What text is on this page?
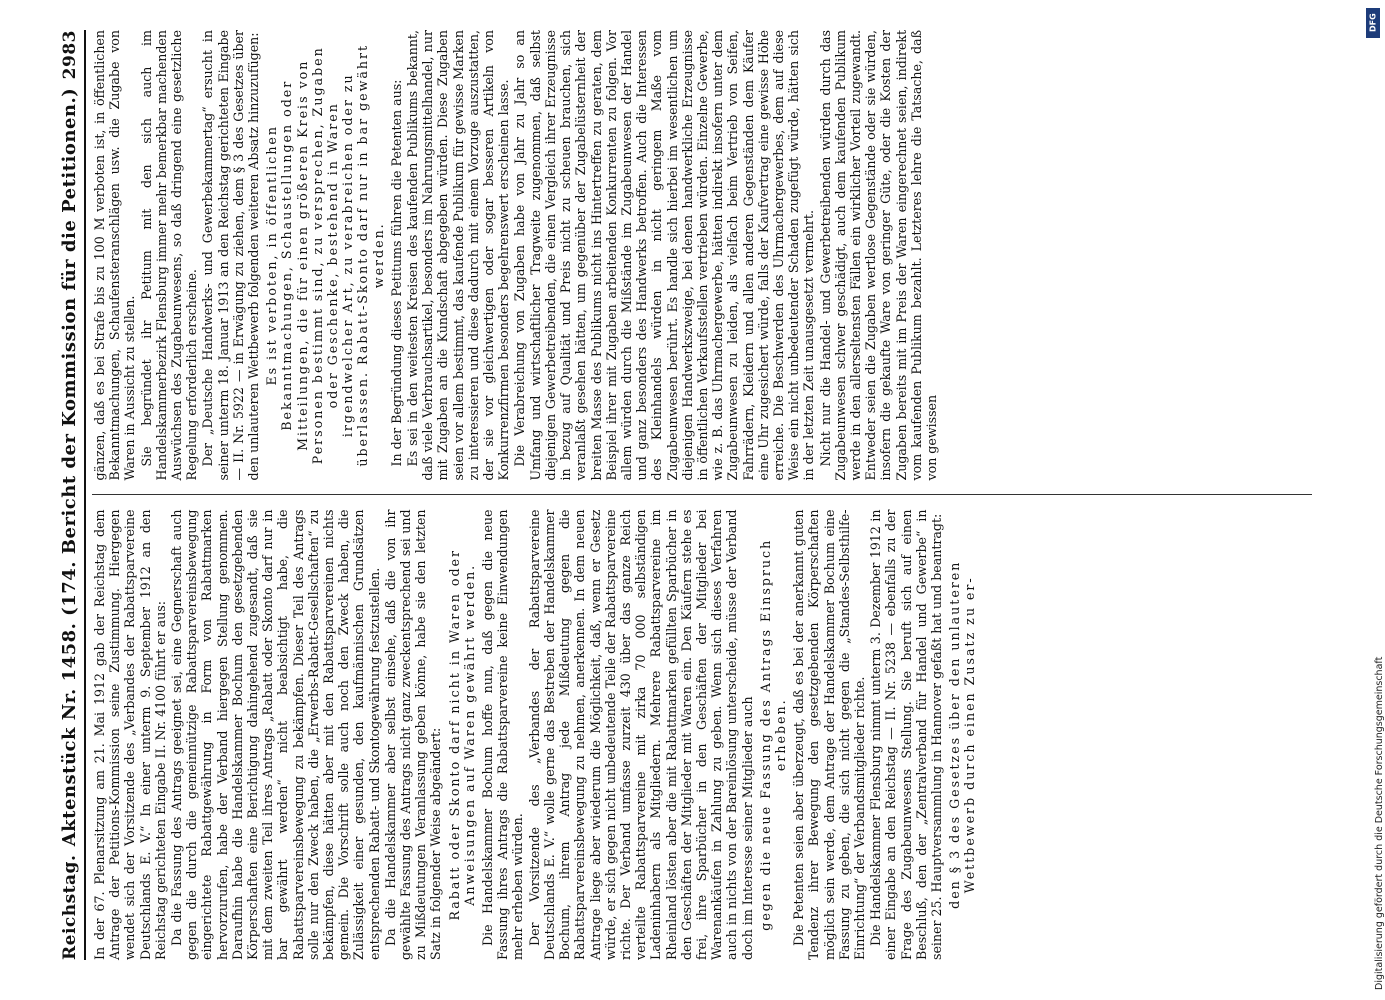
Reichstag.
Aktenstück Nr. 1458. (174. Bericht der Kommission für die Petitionen.)
2983

In der 67. Plenarsitzung am 21. Mai 1912 gab der Reichstag dem Antrage der Petitions-Kommission seine Zustimmung. Hiergegen wendet sich der Vorsitzende des „Verbandes der Rabattsparvereine Deutschlands E. V.“ In einer unterm 9. September 1912 an den Reichstag gerichteten Eingabe II. Nr. 4100 führt er aus: Da die Fassung des Antrags geeignet sei, eine Gegnerschaft auch gegen die durch die gemeinnützige Rabattsparvereinsbewegung eingerichtete Rabattgewährung in Form von Rabattmarken hervorzurufen, habe der Verband hiergegen Stellung genommen. Daraufhin habe die Handelskammer Bochum den gesetzgebenden Körperschaften eine Berichtigung dahingehend zugesandt, daß sie mit dem zweiten Teil ihres Antrags „Rabatt oder Skonto darf nur in bar gewährt werden“ nicht beabsichtigt habe, die Rabattsparvereinsbewegung zu bekämpfen. Dieser Teil des Antrags solle nur den Zweck haben, die „Erwerbs-Rabatt-Gesellschaften“ zu bekämpfen, diese hätten aber mit den Rabattsparvereinen nichts gemein. Die Vorschrift solle auch noch den Zweck haben, die Zulässigkeit einer gesunden, den kaufmännischen Grundsätzen entsprechenden Rabatt- und Skontogewährung festzustellen. Da die Handelskammer aber selbst einsehe, daß die von ihr gewählte Fassung des Antrags nicht ganz zweckentsprechend sei und zu Mißdeutungen Veranlassung geben könne, habe sie den letzten Satz in folgender Weise abgeändert: Rabatt oder Skonto darf nicht in Waren oder Anweisungen auf Waren gewährt werden. Die Handelskammer Bochum hoffe nun, daß gegen die neue Fassung ihres Antrags die Rabattsparvereine keine Einwendungen mehr erheben würden. Der Vorsitzende des „Verbandes der Rabattsparvereine Deutschlands E. V.“ wolle gerne das Bestreben der Handelskammer Bochum, ihrem Antrag jede Mißdeutung gegen die Rabattsparvereinsbewegung zu nehmen, anerkennen. In dem neuen Antrage liege aber wiederum die Möglichkeit, daß, wenn er Gesetz würde, er sich gegen nicht unbedeutende Teile der Rabattsparvereine richte. Der Verband umfasse zurzeit 430 über das ganze Reich verteilte Rabattsparvereine mit zirka 70 000 selbständigen Ladeninhabern als Mitgliedern. Mehrere Rabattsparvereine im Rheinland lösten aber die mit Rabattmarken gefüllten Sparbücher in den Geschäften der Mitglieder mit Waren ein. Den Käufern stehe es frei, ihre Sparbücher in den Geschäften der Mitglieder bei Warenankäufen in Zahlung zu geben. Wenn sich dieses Verfahren auch in nichts von der Bareinlösung unterscheide, müsse der Verband doch im Interesse seiner Mitglieder auch gegen die neue Fassung des Antrags Einspruch erheben. Die Petenten seien aber überzeugt, daß es bei der anerkannt guten Tendenz ihrer Bewegung den gesetzgebenden Körperschaften möglich sein werde, dem Antrage der Handelskammer Bochum eine Fassung zu geben, die sich nicht gegen die „Standes-Selbsthilfe-Einrichtung“ der Verbandsmitglieder richte. Die Handelskammer Flensburg nimmt unterm 3. Dezember 1912 in einer Eingabe an den Reichstag — II. Nr. 5238 — ebenfalls zu der Frage des Zugabeunwesens Stellung. Sie beruft sich auf einen Beschluß, den der „Zentralverband für Handel und Gewerbe“ in seiner 25. Hauptversammlung in Hannover gefaßt hat und beantragt: den § 3 des Gesetzes über den unlauteren Wettbewerb durch einen Zusatz zu er-

gänzen, daß es bei Strafe bis zu 100 M verboten ist, in öffentlichen Bekanntmachungen, Schaufensteranschlägen usw. die Zugabe von Waren in Aussicht zu stellen. Sie begründet ihr Petitum mit den sich auch im Handelskammerbezirk Flensburg immer mehr bemerkbar machenden Auswüchsen des Zugabeunwesens, so daß dringend eine gesetzliche Regelung erforderlich erscheine. Der „Deutsche Handwerks- und Gewerbekammertag“ ersucht in seiner unterm 18. Januar 1913 an den Reichstag gerichteten Eingabe — II. Nr. 5922 — in Erwägung zu ziehen, dem § 3 des Gesetzes über den unlauteren Wettbewerb folgenden weiteren Absatz hinzuzufügen: Es ist verboten, in öffentlichen Bekanntmachungen, Schaustellungen oder Mitteilungen, die für einen größeren Kreis von Personen bestimmt sind, zu versprechen, Zugaben oder Geschenke, bestehend in Waren irgendwelcher Art, zu verabreichen oder zu überlassen. Rabatt-Skonto darf nur in bar gewährt werden. In der Begründung dieses Petitums führen die Petenten aus: Es sei in den weitesten Kreisen des kaufenden Publikums bekannt, daß viele Verbrauchsartikel, besonders im Nahrungsmittelhandel, nur mit Zugaben an die Kundschaft abgegeben würden. Diese Zugaben seien vor allem bestimmt, das kaufende Publikum für gewisse Marken zu interessieren und diese dadurch mit einem Vorzuge auszustatten, der sie vor gleichwertigen oder sogar besseren Artikeln von Konkurrenzfirmen besonders begehrenswert erscheinen lasse. Die Verabreichung von Zugaben habe von Jahr zu Jahr so an Umfang und wirtschaftlicher Tragweite zugenommen, daß selbst diejenigen Gewerbetreibenden, die einen Vergleich ihrer Erzeugnisse in bezug auf Qualität und Preis nicht zu scheuen brauchen, sich veranlaßt gesehen hätten, um gegenüber der Zugabelüsternheit der breiten Masse des Publikums nicht ins Hintertreffen zu geraten, dem Beispiel ihrer mit Zugaben arbeitenden Konkurrenten zu folgen. Vor allem würden durch die Mißstände im Zugabeunwesen der Handel und ganz besonders des Handwerks betroffen. Auch die Interessen des Kleinhandels würden in nicht geringem Maße vom Zugabeunwesen berührt. Es handle sich hierbei im wesentlichen um diejenigen Handwerkszweige, bei denen handwerkliche Erzeugnisse in öffentlichen Verkaufsstellen vertrieben würden. Einzelne Gewerbe, wie z. B. das Uhrmachergewerbe, hätten indirekt insofern unter dem Zugabeunwesen zu leiden, als vielfach beim Vertrieb von Seifen, Fahrrädern, Kleidern und allen anderen Gegenständen dem Käufer eine Uhr zugesichert würde, falls der Kaufvertrag eine gewisse Höhe erreiche. Die Beschwerden des Uhrmachergewerbes, dem auf diese Weise ein nicht unbedeutender Schaden zugefügt würde, hätten sich in der letzten Zeit unausgesetzt vermehrt. Nicht nur die Handel- und Gewerbetreibenden würden durch das Zugabeunwesen schwer geschädigt, auch dem kaufenden Publikum werde in den allerseltensten Fällen ein wirklicher Vorteil zugewandt. Entweder seien die Zugaben wertlose Gegenstände oder sie würden, insofern die gekaufte Ware von geringer Güte, oder die Kosten der Zugaben bereits mit im Preis der Waren eingerechnet seien, indirekt vom kaufenden Publikum bezahlt. Letzteres lehre die Tatsache, daß von gewissen

DFG
Digitalisierung gefördert durch die Deutsche Forschungsgemeinschaft
